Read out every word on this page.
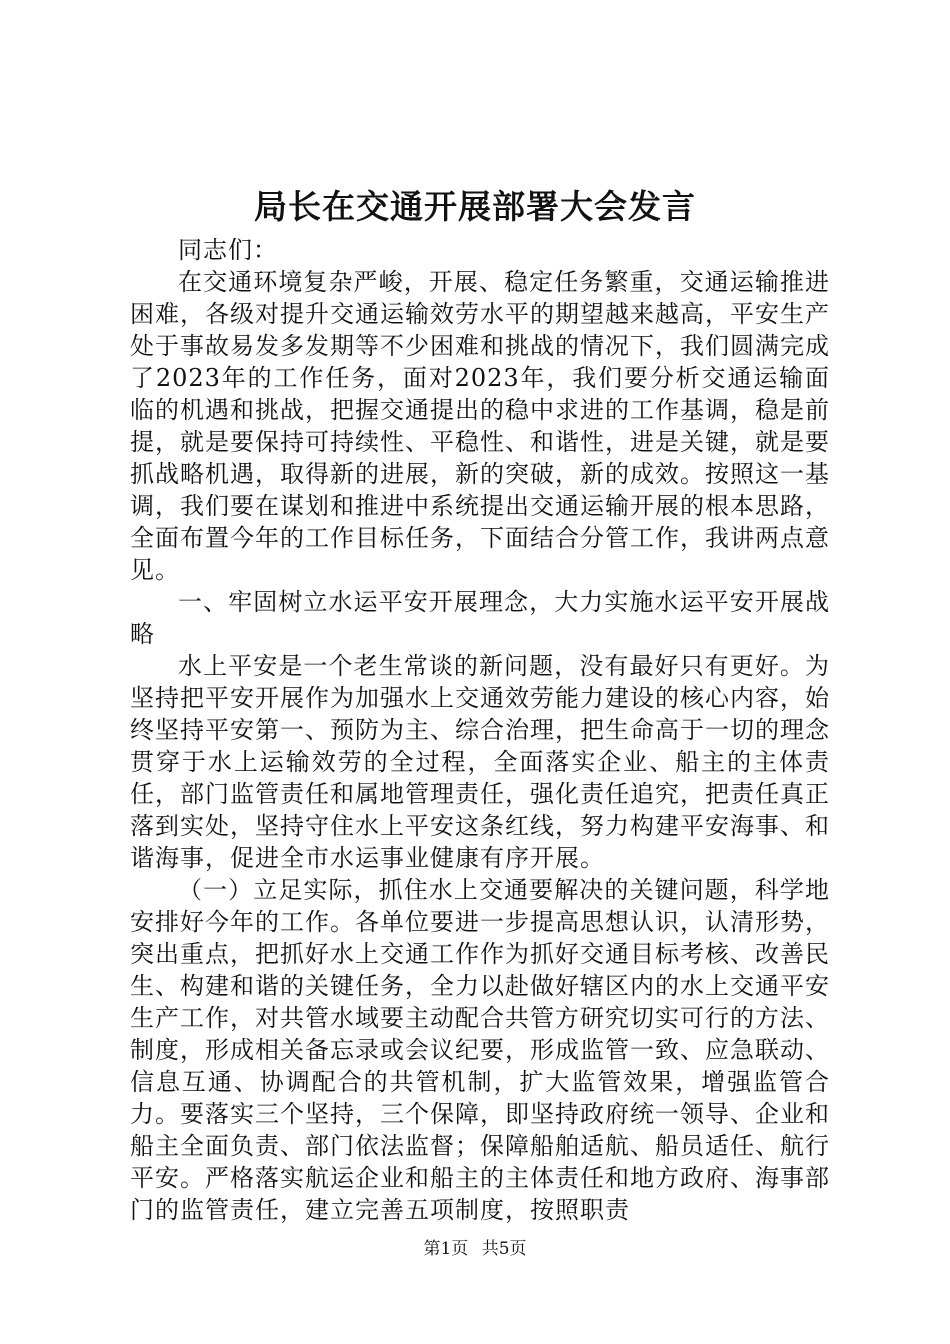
局长在交通开展部署大会发言

同志们：

在交通环境复杂严峻，开展、稳定任务繁重，交通运输推进困难，各级对提升交通运输效劳水平的期望越来越高，平安生产处于事故易发多发期等不少困难和挑战的情况下，我们圆满完成了2023年的工作任务，面对2023年，我们要分析交通运输面临的机遇和挑战，把握交通提出的稳中求进的工作基调，稳是前提，就是要保持可持续性、平稳性、和谐性，进是关键，就是要抓战略机遇，取得新的进展，新的突破，新的成效。按照这一基调，我们要在谋划和推进中系统提出交通运输开展的根本思路，全面布置今年的工作目标任务，下面结合分管工作，我讲两点意见。

一、牢固树立水运平安开展理念，大力实施水运平安开展战略

水上平安是一个老生常谈的新问题，没有最好只有更好。为坚持把平安开展作为加强水上交通效劳能力建设的核心内容，始终坚持平安第一、预防为主、综合治理，把生命高于一切的理念贯穿于水上运输效劳的全过程，全面落实企业、船主的主体责任，部门监管责任和属地管理责任，强化责任追究，把责任真正落到实处，坚持守住水上平安这条红线，努力构建平安海事、和谐海事，促进全市水运事业健康有序开展。

（一）立足实际，抓住水上交通要解决的关键问题，科学地安排好今年的工作。各单位要进一步提高思想认识，认清形势，突出重点，把抓好水上交通工作作为抓好交通目标考核、改善民生、构建和谐的关键任务，全力以赴做好辖区内的水上交通平安生产工作，对共管水域要主动配合共管方研究切实可行的方法、制度，形成相关备忘录或会议纪要，形成监管一致、应急联动、信息互通、协调配合的共管机制，扩大监管效果，增强监管合力。要落实三个坚持，三个保障，即坚持政府统一领导、企业和船主全面负责、部门依法监督；保障船舶适航、船员适任、航行平安。严格落实航运企业和船主的主体责任和地方政府、海事部门的监管责任，建立完善五项制度，按照职责

第1页 共5页
